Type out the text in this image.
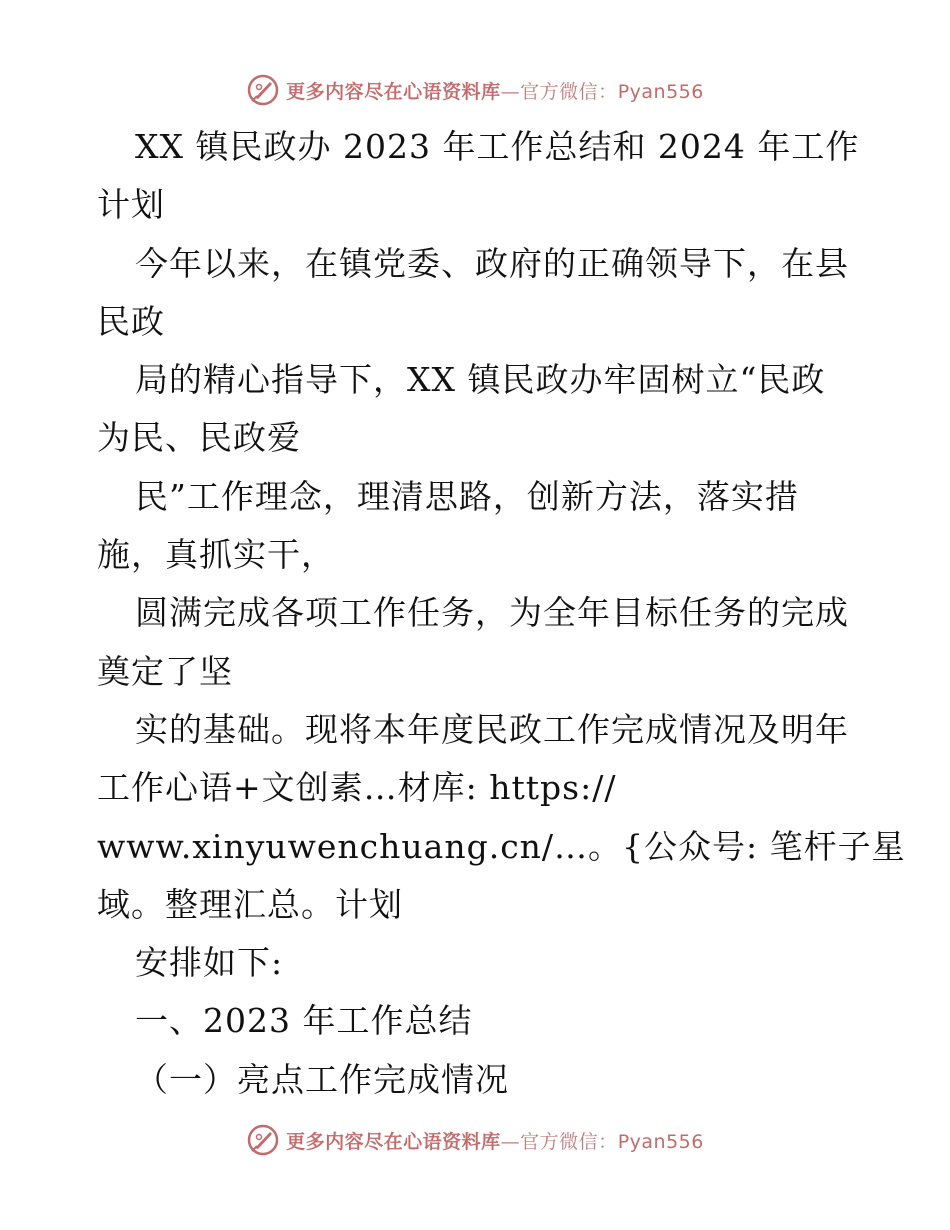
更多内容尽在心语资料库—官方微信：Pyan556
XX 镇民政办 2023 年工作总结和 2024 年工作
计划
今年以来，在镇党委、政府的正确领导下，在县
民政
局的精心指导下，XX 镇民政办牢固树立“民政
为民、民政爱
民”工作理念，理清思路，创新方法，落实措
施，真抓实干，
圆满完成各项工作任务，为全年目标任务的完成
奠定了坚
实的基础。现将本年度民政工作完成情况及明年
工作心语+文创素…材库: https://
www.xinyuwenchuang.cn/…。{公众号: 笔杆子星
域。整理汇总。计划
安排如下:
一、2023 年工作总结
（一）亮点工作完成情况
更多内容尽在心语资料库—官方微信：Pyan556
